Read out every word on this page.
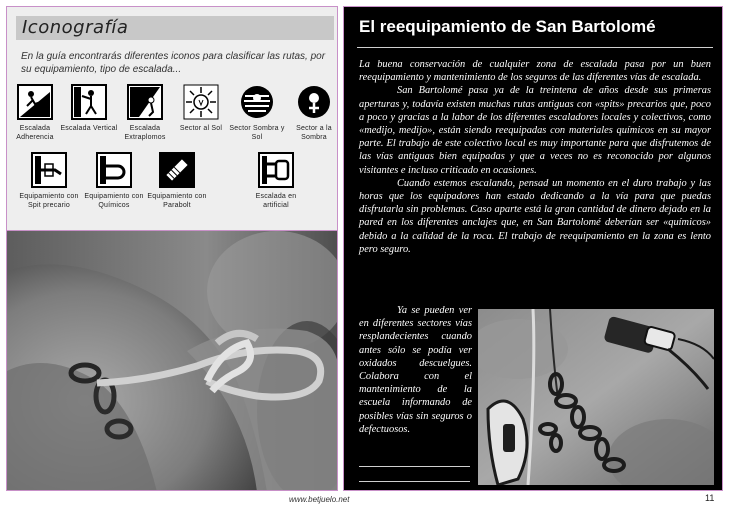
Iconografía
En la guía encontrarás diferentes iconos para clasificar las rutas, por su equipamiento, tipo de escalada...
Escalada Adherencia
Escalada Vertical	Escalada Extraplomos
Sector al Sol	Sector Sombra y Sol
Sector a la Sombra
Equipamiento con Spit precario
Equipamiento con Químicos
Equipamiento con Parabolt
Escalada en artificial
El reequipamiento de San Bartolomé

La buena conservación de cualquier zona de escalada pasa por un buen reequipamiento y mantenimiento de los seguros de las diferentes vías de escalada.

San Bartolomé pasa ya de la treintena de años desde sus primeras aperturas y, todavía existen muchas rutas antiguas con «spits» precarios que, poco a poco y gracias a la labor de los diferentes escaladores locales y colectivos, como «medijo, medijo», están siendo reequipadas con materiales químicos en su mayor parte. El trabajo de este colectivo local es muy importante para que disfrutemos de las vías antiguas bien equipadas y que a veces no es reconocido por algunos visitantes e incluso criticado en ocasiones.

Cuando estemos escalando, pensad un momento en el duro trabajo y las horas que los equipadores han estado dedicando a la vía para que puedas disfrutarla sin problemas. Caso aparte está la gran cantidad de dinero dejado en la pared en los diferentes anclajes que, en San Bartolomé deberían ser «químicos» debido a la calidad de la roca. El trabajo de reequipamiento en la zona es lento pero seguro.

Ya se pueden ver en diferentes sectores vías resplandecientes cuando antes sólo se podía ver oxidados descuelgues. Colabora con el mantenimiento de la escuela informando de posibles vías sin seguros o defectuosos.
www.betjuelo.net	11
